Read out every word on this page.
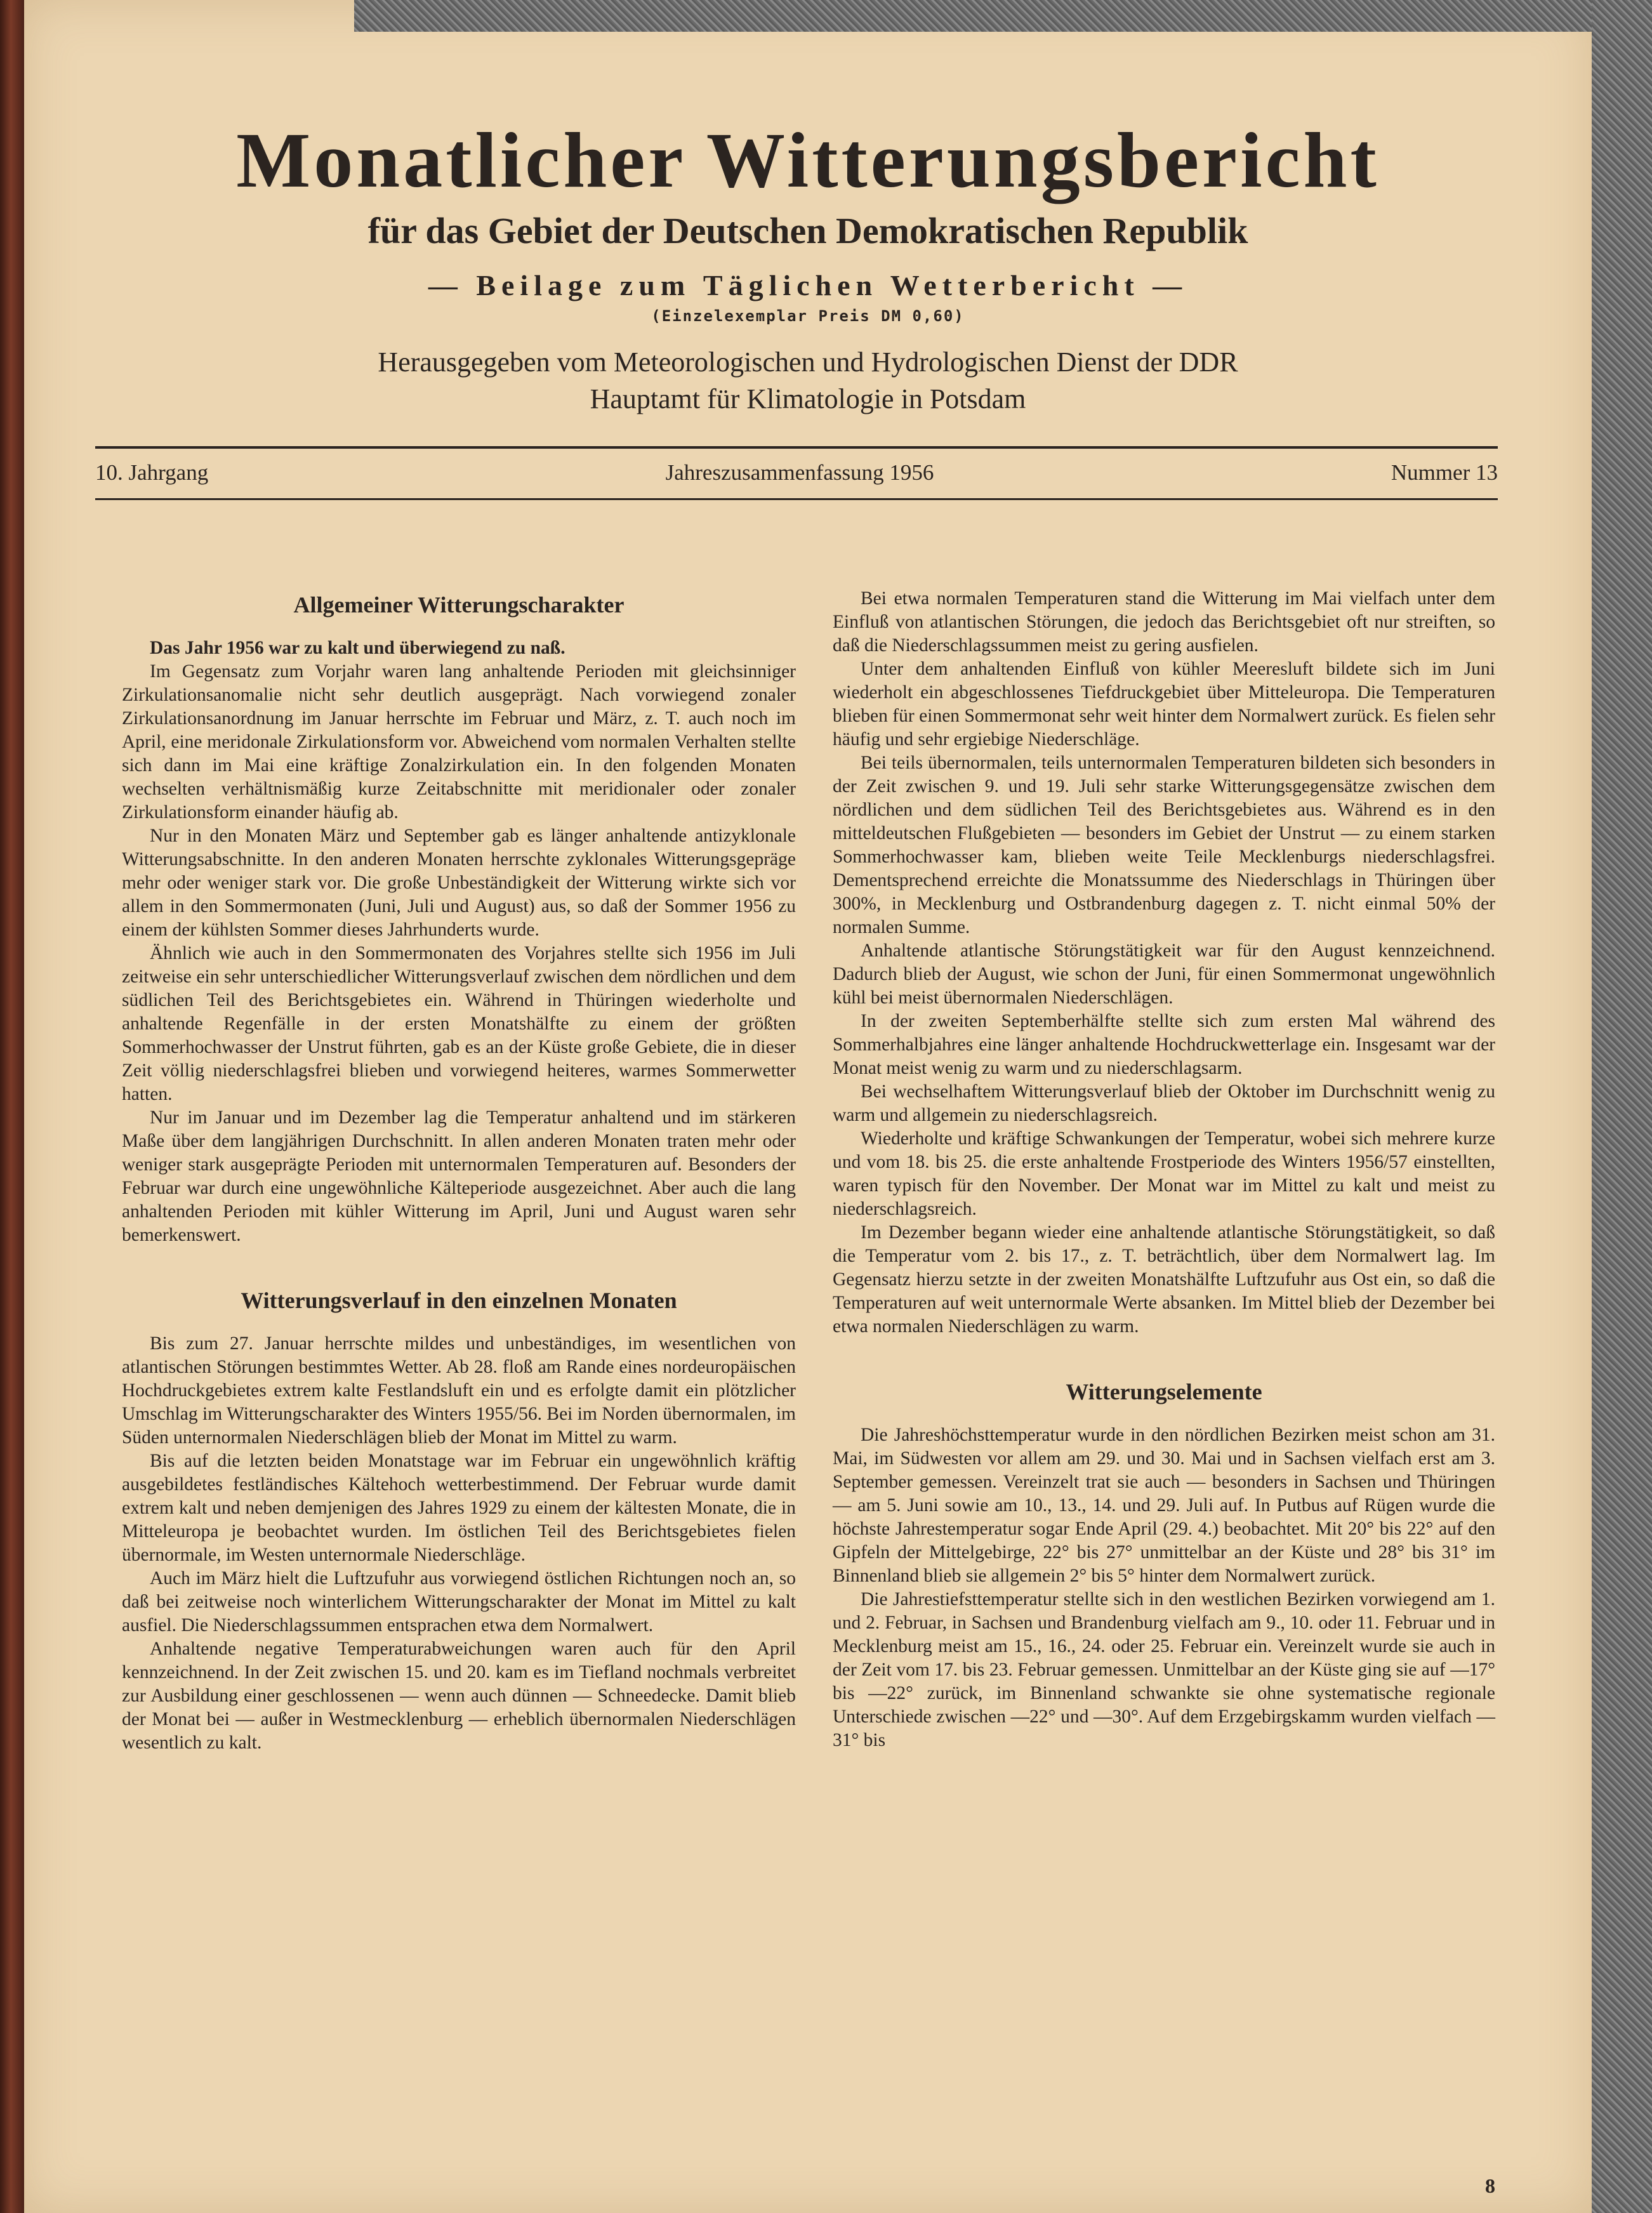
Monatlicher Witterungsbericht
für das Gebiet der Deutschen Demokratischen Republik
— Beilage zum Täglichen Wetterbericht —
(Einzelexemplar Preis DM 0,60)
Herausgegeben vom Meteorologischen und Hydrologischen Dienst der DDR
Hauptamt für Klimatologie in Potsdam
10. Jahrgang	Jahreszusammenfassung 1956	Nummer 13
Allgemeiner Witterungscharakter

Das Jahr 1956 war zu kalt und überwiegend zu naß.

Im Gegensatz zum Vorjahr waren lang anhaltende Perioden mit gleichsinniger Zirkulationsanomalie nicht sehr deutlich ausgeprägt. Nach vorwiegend zonaler Zirkulationsanordnung im Januar herrschte im Februar und März, z. T. auch noch im April, eine meridonale Zirkulationsform vor. Abweichend vom normalen Verhalten stellte sich dann im Mai eine kräftige Zonalzirkulation ein. In den folgenden Monaten wechselten verhältnismäßig kurze Zeitabschnitte mit meridionaler oder zonaler Zirkulationsform einander häufig ab.

Nur in den Monaten März und September gab es länger anhaltende antizyklonale Witterungsabschnitte. In den anderen Monaten herrschte zyklonales Witterungsgepräge mehr oder weniger stark vor. Die große Unbeständigkeit der Witterung wirkte sich vor allem in den Sommermonaten (Juni, Juli und August) aus, so daß der Sommer 1956 zu einem der kühlsten Sommer dieses Jahrhunderts wurde.

Ähnlich wie auch in den Sommermonaten des Vorjahres stellte sich 1956 im Juli zeitweise ein sehr unterschiedlicher Witterungsverlauf zwischen dem nördlichen und dem südlichen Teil des Berichtsgebietes ein. Während in Thüringen wiederholte und anhaltende Regenfälle in der ersten Monatshälfte zu einem der größten Sommerhochwasser der Unstrut führten, gab es an der Küste große Gebiete, die in dieser Zeit völlig niederschlagsfrei blieben und vorwiegend heiteres, warmes Sommerwetter hatten.

Nur im Januar und im Dezember lag die Temperatur anhaltend und im stärkeren Maße über dem langjährigen Durchschnitt. In allen anderen Monaten traten mehr oder weniger stark ausgeprägte Perioden mit unternormalen Temperaturen auf. Besonders der Februar war durch eine ungewöhnliche Kälteperiode ausgezeichnet. Aber auch die lang anhaltenden Perioden mit kühler Witterung im April, Juni und August waren sehr bemerkenswert.

Witterungsverlauf in den einzelnen Monaten

Bis zum 27. Januar herrschte mildes und unbeständiges, im wesentlichen von atlantischen Störungen bestimmtes Wetter. Ab 28. floß am Rande eines nordeuropäischen Hochdruckgebietes extrem kalte Festlandsluft ein und es erfolgte damit ein plötzlicher Umschlag im Witterungscharakter des Winters 1955/56. Bei im Norden übernormalen, im Süden unternormalen Niederschlägen blieb der Monat im Mittel zu warm.

Bis auf die letzten beiden Monatstage war im Februar ein ungewöhnlich kräftig ausgebildetes festländisches Kältehoch wetterbestimmend. Der Februar wurde damit extrem kalt und neben demjenigen des Jahres 1929 zu einem der kältesten Monate, die in Mitteleuropa je beobachtet wurden. Im östlichen Teil des Berichtsgebietes fielen übernormale, im Westen unternormale Niederschläge.

Auch im März hielt die Luftzufuhr aus vorwiegend östlichen Richtungen noch an, so daß bei zeitweise noch winterlichem Witterungscharakter der Monat im Mittel zu kalt ausfiel. Die Niederschlagssummen entsprachen etwa dem Normalwert.

Anhaltende negative Temperaturabweichungen waren auch für den April kennzeichnend. In der Zeit zwischen 15. und 20. kam es im Tiefland nochmals verbreitet zur Ausbildung einer geschlossenen — wenn auch dünnen — Schneedecke. Damit blieb der Monat bei — außer in Westmecklenburg — erheblich übernormalen Niederschlägen wesentlich zu kalt.

Bei etwa normalen Temperaturen stand die Witterung im Mai vielfach unter dem Einfluß von atlantischen Störungen, die jedoch das Berichtsgebiet oft nur streiften, so daß die Niederschlagssummen meist zu gering ausfielen.

Unter dem anhaltenden Einfluß von kühler Meeresluft bildete sich im Juni wiederholt ein abgeschlossenes Tiefdruckgebiet über Mitteleuropa. Die Temperaturen blieben für einen Sommermonat sehr weit hinter dem Normalwert zurück. Es fielen sehr häufig und sehr ergiebige Niederschläge.

Bei teils übernormalen, teils unternormalen Temperaturen bildeten sich besonders in der Zeit zwischen 9. und 19. Juli sehr starke Witterungsgegensätze zwischen dem nördlichen und dem südlichen Teil des Berichtsgebietes aus. Während es in den mitteldeutschen Flußgebieten — besonders im Gebiet der Unstrut — zu einem starken Sommerhochwasser kam, blieben weite Teile Mecklenburgs niederschlagsfrei. Dementsprechend erreichte die Monatssumme des Niederschlags in Thüringen über 300%, in Mecklenburg und Ostbrandenburg dagegen z. T. nicht einmal 50% der normalen Summe.

Anhaltende atlantische Störungstätigkeit war für den August kennzeichnend. Dadurch blieb der August, wie schon der Juni, für einen Sommermonat ungewöhnlich kühl bei meist übernormalen Niederschlägen.

In der zweiten Septemberhälfte stellte sich zum ersten Mal während des Sommerhalbjahres eine länger anhaltende Hochdruckwetterlage ein. Insgesamt war der Monat meist wenig zu warm und zu niederschlagsarm.

Bei wechselhaftem Witterungsverlauf blieb der Oktober im Durchschnitt wenig zu warm und allgemein zu niederschlagsreich.

Wiederholte und kräftige Schwankungen der Temperatur, wobei sich mehrere kurze und vom 18. bis 25. die erste anhaltende Frostperiode des Winters 1956/57 einstellten, waren typisch für den November. Der Monat war im Mittel zu kalt und meist zu niederschlagsreich.

Im Dezember begann wieder eine anhaltende atlantische Störungstätigkeit, so daß die Temperatur vom 2. bis 17., z. T. beträchtlich, über dem Normalwert lag. Im Gegensatz hierzu setzte in der zweiten Monatshälfte Luftzufuhr aus Ost ein, so daß die Temperaturen auf weit unternormale Werte absanken. Im Mittel blieb der Dezember bei etwa normalen Niederschlägen zu warm.

Witterungselemente

Die Jahreshöchsttemperatur wurde in den nördlichen Bezirken meist schon am 31. Mai, im Südwesten vor allem am 29. und 30. Mai und in Sachsen vielfach erst am 3. September gemessen. Vereinzelt trat sie auch — besonders in Sachsen und Thüringen — am 5. Juni sowie am 10., 13., 14. und 29. Juli auf. In Putbus auf Rügen wurde die höchste Jahrestemperatur sogar Ende April (29. 4.) beobachtet. Mit 20° bis 22° auf den Gipfeln der Mittelgebirge, 22° bis 27° unmittelbar an der Küste und 28° bis 31° im Binnenland blieb sie allgemein 2° bis 5° hinter dem Normalwert zurück.

Die Jahrestiefsttemperatur stellte sich in den westlichen Bezirken vorwiegend am 1. und 2. Februar, in Sachsen und Brandenburg vielfach am 9., 10. oder 11. Februar und in Mecklenburg meist am 15., 16., 24. oder 25. Februar ein. Vereinzelt wurde sie auch in der Zeit vom 17. bis 23. Februar gemessen. Unmittelbar an der Küste ging sie auf —17° bis —22° zurück, im Binnenland schwankte sie ohne systematische regionale Unterschiede zwischen —22° und —30°. Auf dem Erzgebirgskamm wurden vielfach —31° bis

8
